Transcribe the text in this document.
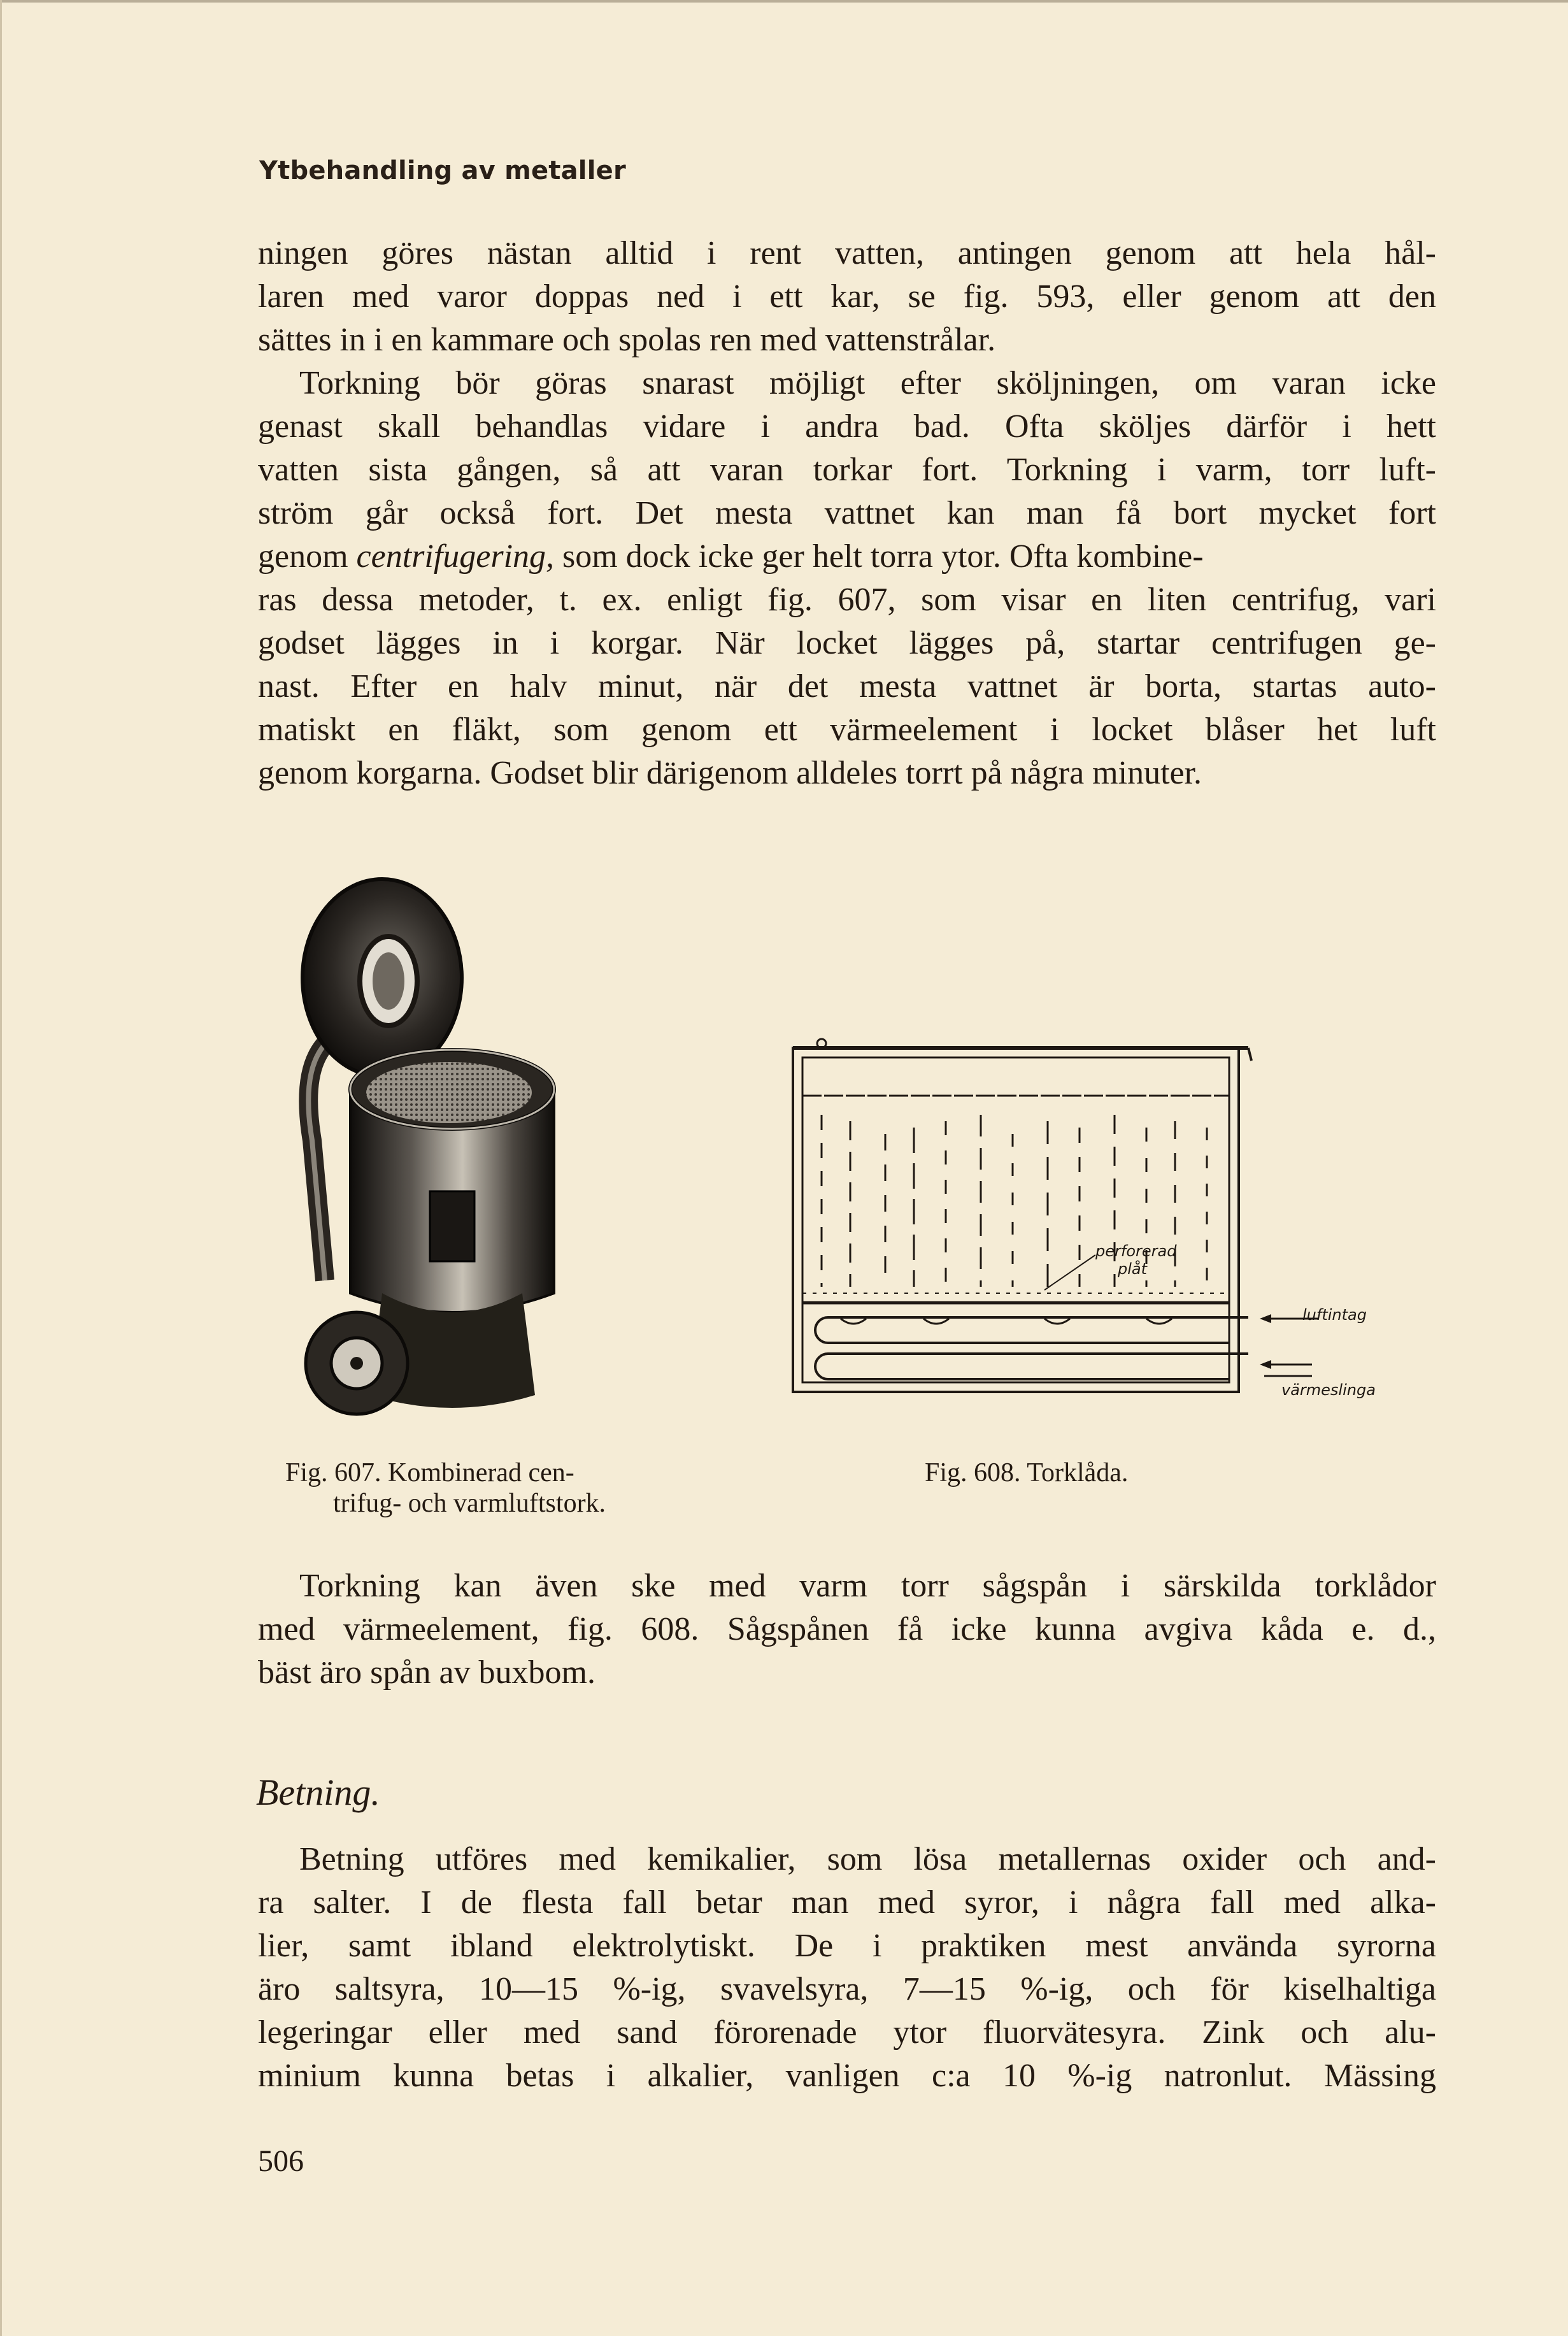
Ytbehandling av metaller
ningen göres nästan alltid i rent vatten, antingen genom att hela hål-
laren med varor doppas ned i ett kar, se fig. 593, eller genom att den
sättes in i en kammare och spolas ren med vattenstrålar.
Torkning bör göras snarast möjligt efter sköljningen, om varan icke
genast skall behandlas vidare i andra bad. Ofta sköljes därför i hett
vatten sista gången, så att varan torkar fort. Torkning i varm, torr luft-
ström går också fort. Det mesta vattnet kan man få bort mycket fort
genom centrifugering, som dock icke ger helt torra ytor. Ofta kombine-
ras dessa metoder, t. ex. enligt fig. 607, som visar en liten centrifug, vari
godset lägges in i korgar. När locket lägges på, startar centrifugen ge-
nast. Efter en halv minut, när det mesta vattnet är borta, startas auto-
matiskt en fläkt, som genom ett värmeelement i locket blåser het luft
genom korgarna. Godset blir därigenom alldeles torrt på några minuter.
perforerad
plåt
luftintag
värmeslinga
Fig. 607. Kombinerad cen-
trifug- och varmluftstork.
Fig. 608. Torklåda.
Torkning kan även ske med varm torr sågspån i särskilda torklådor
med värmeelement, fig. 608. Sågspånen få icke kunna avgiva kåda e. d.,
bäst äro spån av buxbom.
Betning.
Betning utföres med kemikalier, som lösa metallernas oxider och and-
ra salter. I de flesta fall betar man med syror, i några fall med alka-
lier, samt ibland elektrolytiskt. De i praktiken mest använda syrorna
äro saltsyra, 10—15 %-ig, svavelsyra, 7—15 %-ig, och för kiselhaltiga
legeringar eller med sand förorenade ytor fluorvätesyra. Zink och alu-
minium kunna betas i alkalier, vanligen c:a 10 %-ig natronlut. Mässing
506
